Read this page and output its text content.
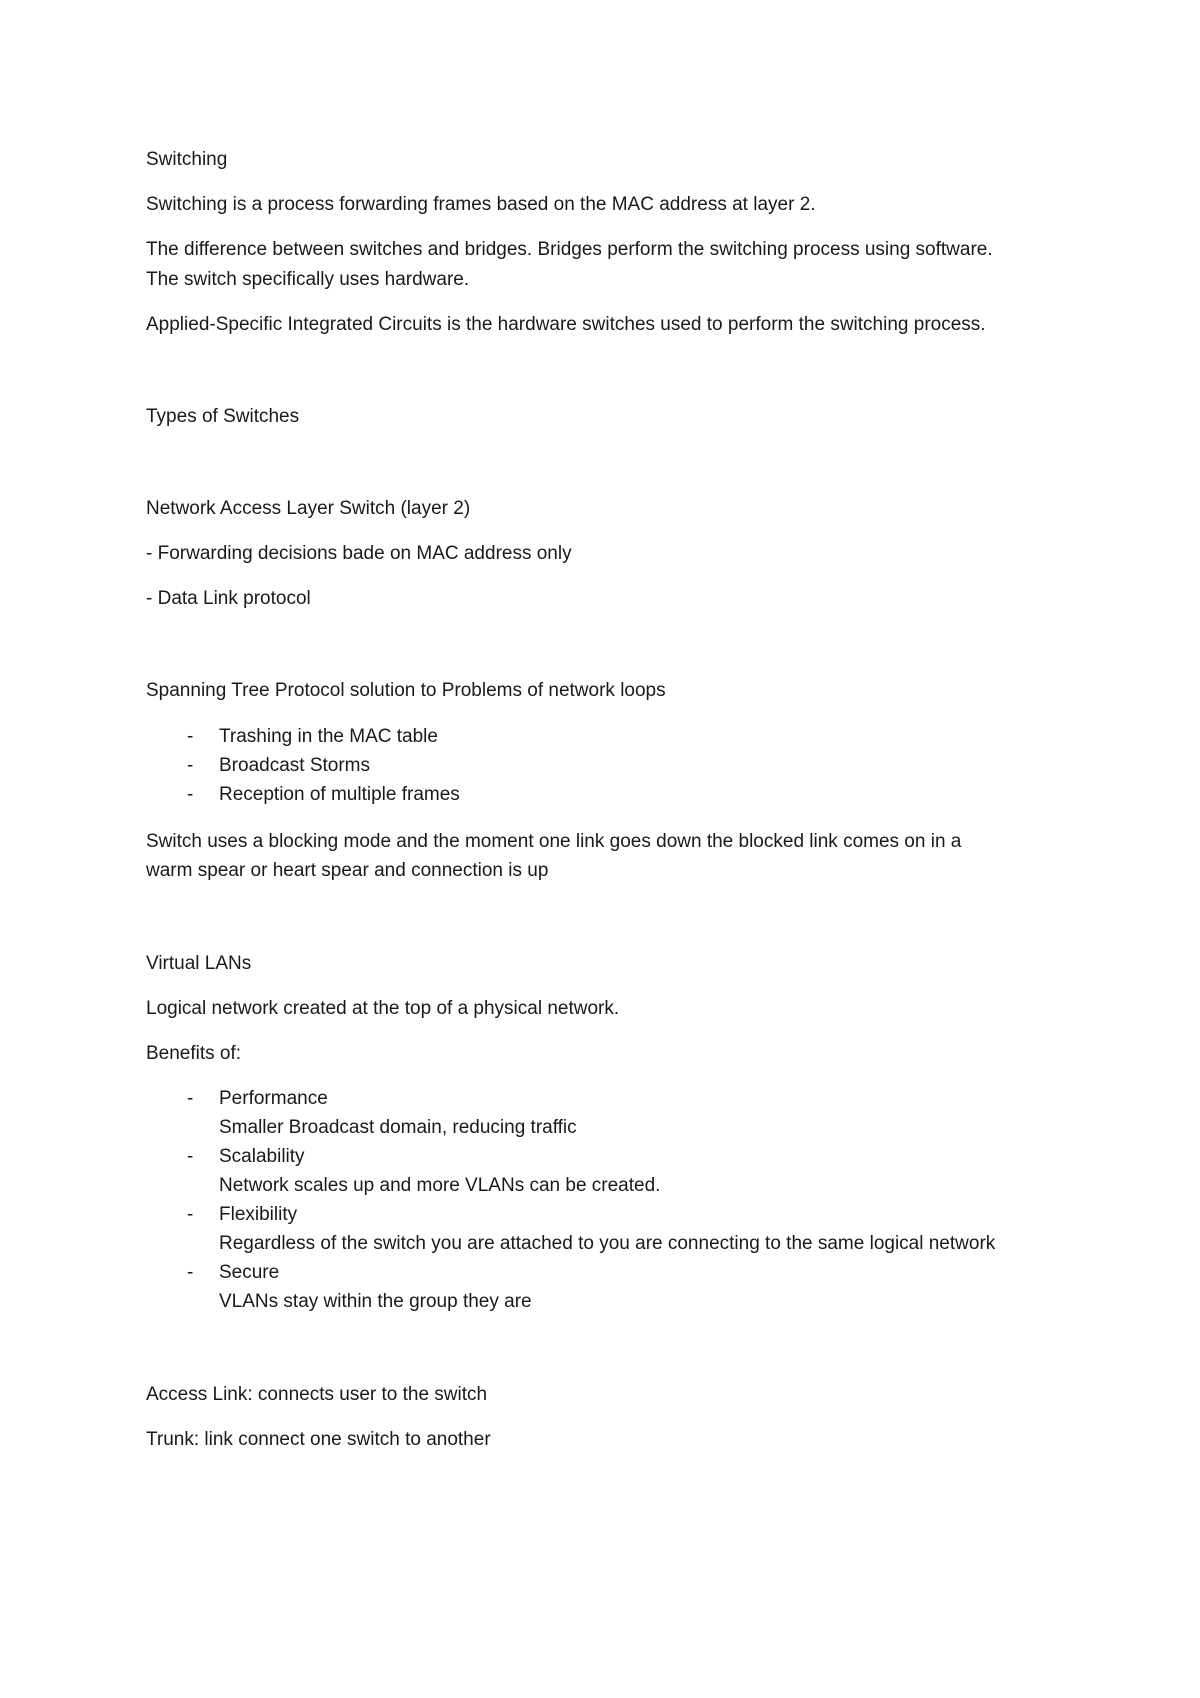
Switching
Switching is a process forwarding frames based on the MAC address at layer 2.
The difference between switches and bridges. Bridges perform the switching process using software.
The switch specifically uses hardware.
Applied-Specific Integrated Circuits is the hardware switches used to perform the switching process.
Types of Switches
Network Access Layer Switch (layer 2)
- Forwarding decisions bade on MAC address only
- Data Link protocol
Spanning Tree Protocol solution to Problems of network loops
- Trashing in the MAC table
- Broadcast Storms
- Reception of multiple frames
Switch uses a blocking mode and the moment one link goes down the blocked link comes on in a
warm spear or heart spear and connection is up
Virtual LANs
Logical network created at the top of a physical network.
Benefits of:
- Performance
Smaller Broadcast domain, reducing traffic
- Scalability
Network scales up and more VLANs can be created.
- Flexibility
Regardless of the switch you are attached to you are connecting to the same logical network
- Secure
VLANs stay within the group they are
Access Link: connects user to the switch
Trunk: link connect one switch to another
